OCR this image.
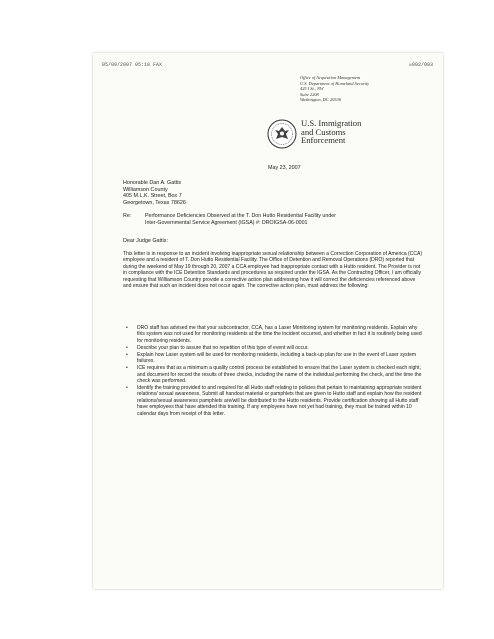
05/09/2007 05:18 FAX	☒002/003
Office of Acquisition Management
U.S. Department of Homeland Security
425 I St., NW
Suite 2208
Washington, DC 20536
U.S. Immigration
and Customs
Enforcement
May 23, 2007
Honorable Dan A. Gattis
Williamson County
405 M.L.K. Street, Box 7
Georgetown, Texas 78626
Re:	Performance Deficiencies Observed at the T. Don Hutto Residential Facility under
Inter-Governmental Service Agreement (IGSA) #: DROIGSA-06-0001
Dear Judge Gattis:
This letter is in response to an incident involving inappropriate sexual relationship between a Correction Corporation of America (CCA) employee and a resident of T. Don Hutto Residential Facility. The Office of Detention and Removal Operations (DRO) reported that during the weekend of May 19 through 20, 2007 a CCA employee had inappropriate contact with a Hutto resident. The Provider is not in compliance with the ICE Detention Standards and procedures as required under the IGSA. As the Contracting Officer, I am officially requesting that Williamson Country provide a corrective action plan addressing how it will correct the deficiencies referenced above and ensure that such an incident does not occur again. The corrective action plan, must address the following:
• DRO staff has advised me that your subcontractor, CCA, has a Laser Monitoring system for monitoring residents. Explain why this system was not used for monitoring residents at the time the incident occurred, and whether in fact it is routinely being used for monitoring residents.
• Describe your plan to assure that no repetition of this type of event will occur.
• Explain how Laser system will be used for monitoring residents, including a back-up plan for use in the event of Laser system failures.
• ICE requires that as a minimum a quality control process be established to ensure that the Laser system is checked each night, and document for record the results of three checks, including the name of the individual performing the check, and the time the check was performed.
• Identify the training provided to and required for all Hutto staff relating to policies that pertain to maintaining appropriate resident relations/ sexual awareness. Submit all handout material or pamphlets that are given to Hutto staff and explain how the resident relations/sexual awareness pamphlets are/will be distributed to the Hutto residents. Provide certification showing all Hutto staff have employees that have attended this training. If any employees have not yet had training, they must be trained within 10 calendar days from receipt of this letter.
